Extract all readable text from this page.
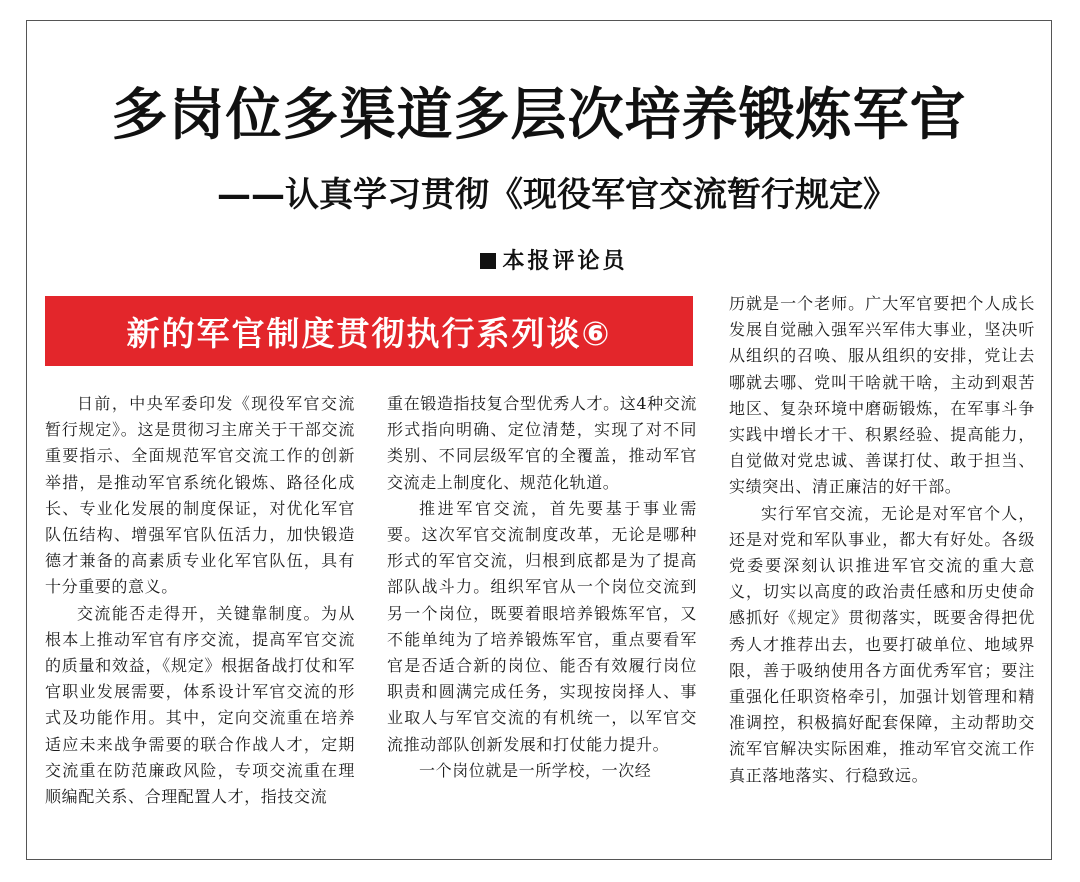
多岗位多渠道多层次培养锻炼军官
——认真学习贯彻《现役军官交流暂行规定》
本报评论员
新的军官制度贯彻执行系列谈⑥

日前，中央军委印发《现役军官交流暂行规定》。这是贯彻习主席关于干部交流重要指示、全面规范军官交流工作的创新举措，是推动军官系统化锻炼、路径化成长、专业化发展的制度保证，对优化军官队伍结构、增强军官队伍活力，加快锻造德才兼备的高素质专业化军官队伍，具有十分重要的意义。

交流能否走得开，关键靠制度。为从根本上推动军官有序交流，提高军官交流的质量和效益，《规定》根据备战打仗和军官职业发展需要，体系设计军官交流的形式及功能作用。其中，定向交流重在培养适应未来战争需要的联合作战人才，定期交流重在防范廉政风险，专项交流重在理顺编配关系、合理配置人才，指技交流

重在锻造指技复合型优秀人才。这4种交流形式指向明确、定位清楚，实现了对不同类别、不同层级军官的全覆盖，推动军官交流走上制度化、规范化轨道。

推进军官交流，首先要基于事业需要。这次军官交流制度改革，无论是哪种形式的军官交流，归根到底都是为了提高部队战斗力。组织军官从一个岗位交流到另一个岗位，既要着眼培养锻炼军官，又不能单纯为了培养锻炼军官，重点要看军官是否适合新的岗位、能否有效履行岗位职责和圆满完成任务，实现按岗择人、事业取人与军官交流的有机统一，以军官交流推动部队创新发展和打仗能力提升。

一个岗位就是一所学校，一次经

历就是一个老师。广大军官要把个人成长发展自觉融入强军兴军伟大事业，坚决听从组织的召唤、服从组织的安排，党让去哪就去哪、党叫干啥就干啥，主动到艰苦地区、复杂环境中磨砺锻炼，在军事斗争实践中增长才干、积累经验、提高能力，自觉做对党忠诚、善谋打仗、敢于担当、实绩突出、清正廉洁的好干部。

实行军官交流，无论是对军官个人，还是对党和军队事业，都大有好处。各级党委要深刻认识推进军官交流的重大意义，切实以高度的政治责任感和历史使命感抓好《规定》贯彻落实，既要舍得把优秀人才推荐出去，也要打破单位、地域界限，善于吸纳使用各方面优秀军官；要注重强化任职资格牵引，加强计划管理和精准调控，积极搞好配套保障，主动帮助交流军官解决实际困难，推动军官交流工作真正落地落实、行稳致远。
